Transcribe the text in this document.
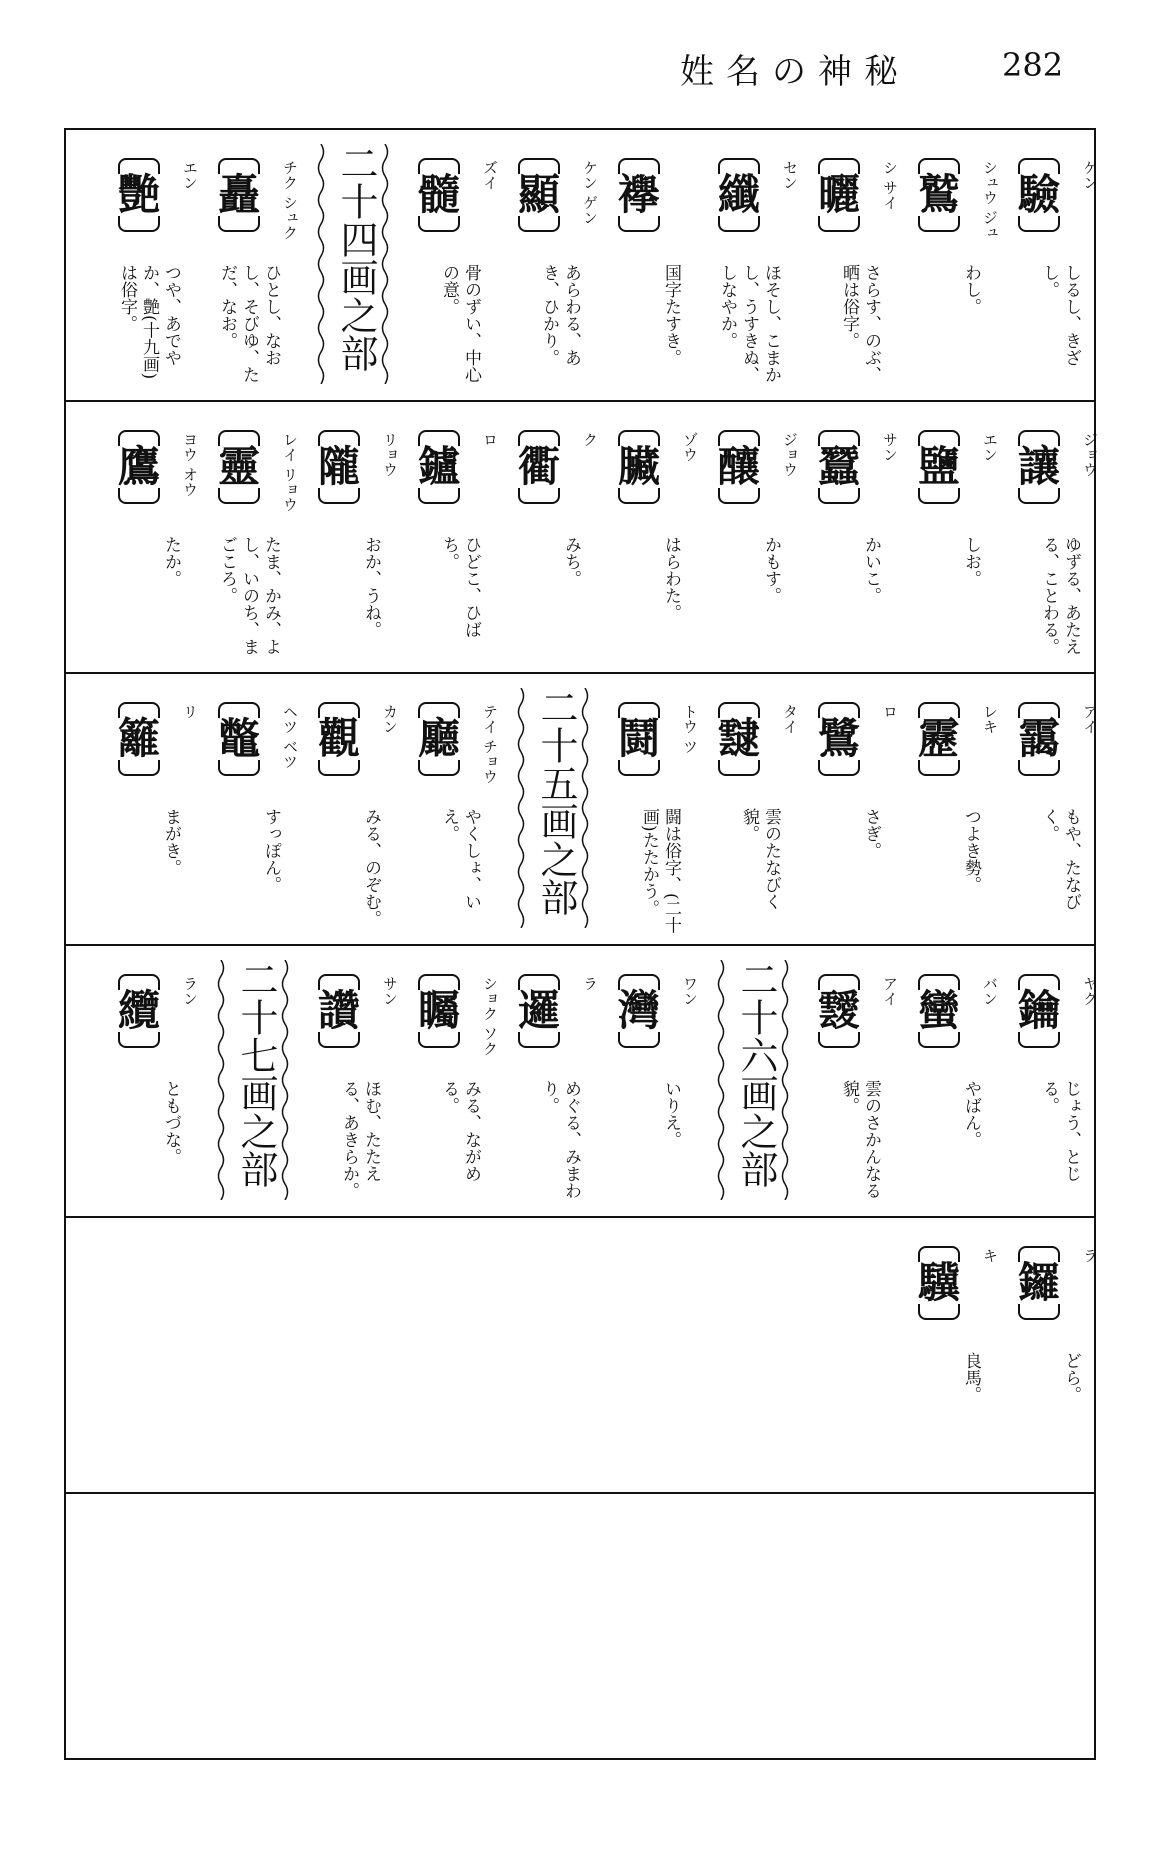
姓名の神秘	282
驗	ケン
しるし、きざし。
鷲	シュウ ジュ
わし。
曬	シ サイ
さらす、のぶ、晒は俗字。
纖	セン
ほそし、こまかし、うすきぬ、しなやか。
襷
国字たすき。
顯	ケン ゲン
あらわる、あき、ひかり。
髓	ズイ
骨のずい、中心の意。
二十四画之部
矗	チク シュク
ひとし、なおし、そびゆ、ただ、なお。
艷	エン
つや、あでやか、艶(十九画)は俗字。
讓	ジョウ
ゆずる、あたえる、ことわる。
鹽	エン
しお。
蠶	サン
かいこ。
釀	ジョウ
かもす。
臟	ゾウ
はらわた。
衢
ク
みち。
鑪
ロ
ひどこ、ひばち。
隴	リョウ
おか、うね。
靈	レイ リョウ
たま、かみ、よし、いのち、まごころ。
鷹	ヨウ オウ
たか。
靄	アイ
もや、たなびく。
靂	レキ
つよき勢。
鷺
ロ
さぎ。
靆	タイ
雲のたなびく貌。
鬪	トウ ツ
闘は俗字、(二十画)たたかう。
二十五画之部
廳	テイ チョウ
やくしょ、いえ。
觀	カン
みる、のぞむ。
鼈	ヘツ ベツ
すっぽん。
籬
リ
まがき。
鑰	ヤク
じょう、とじる。
蠻	バン
やばん。
靉	アイ
雲のさかんなる貌。
二十六画之部
灣	ワン
いりえ。
邏
ラ
めぐる、みまわり。
矚	ショク ソク
みる、ながめる。
讚	サン
ほむ、たたえる、あきらか。
二十七画之部
纜	ラン
ともづな。
鑼
ラ
どら。
驥
キ
良馬。
